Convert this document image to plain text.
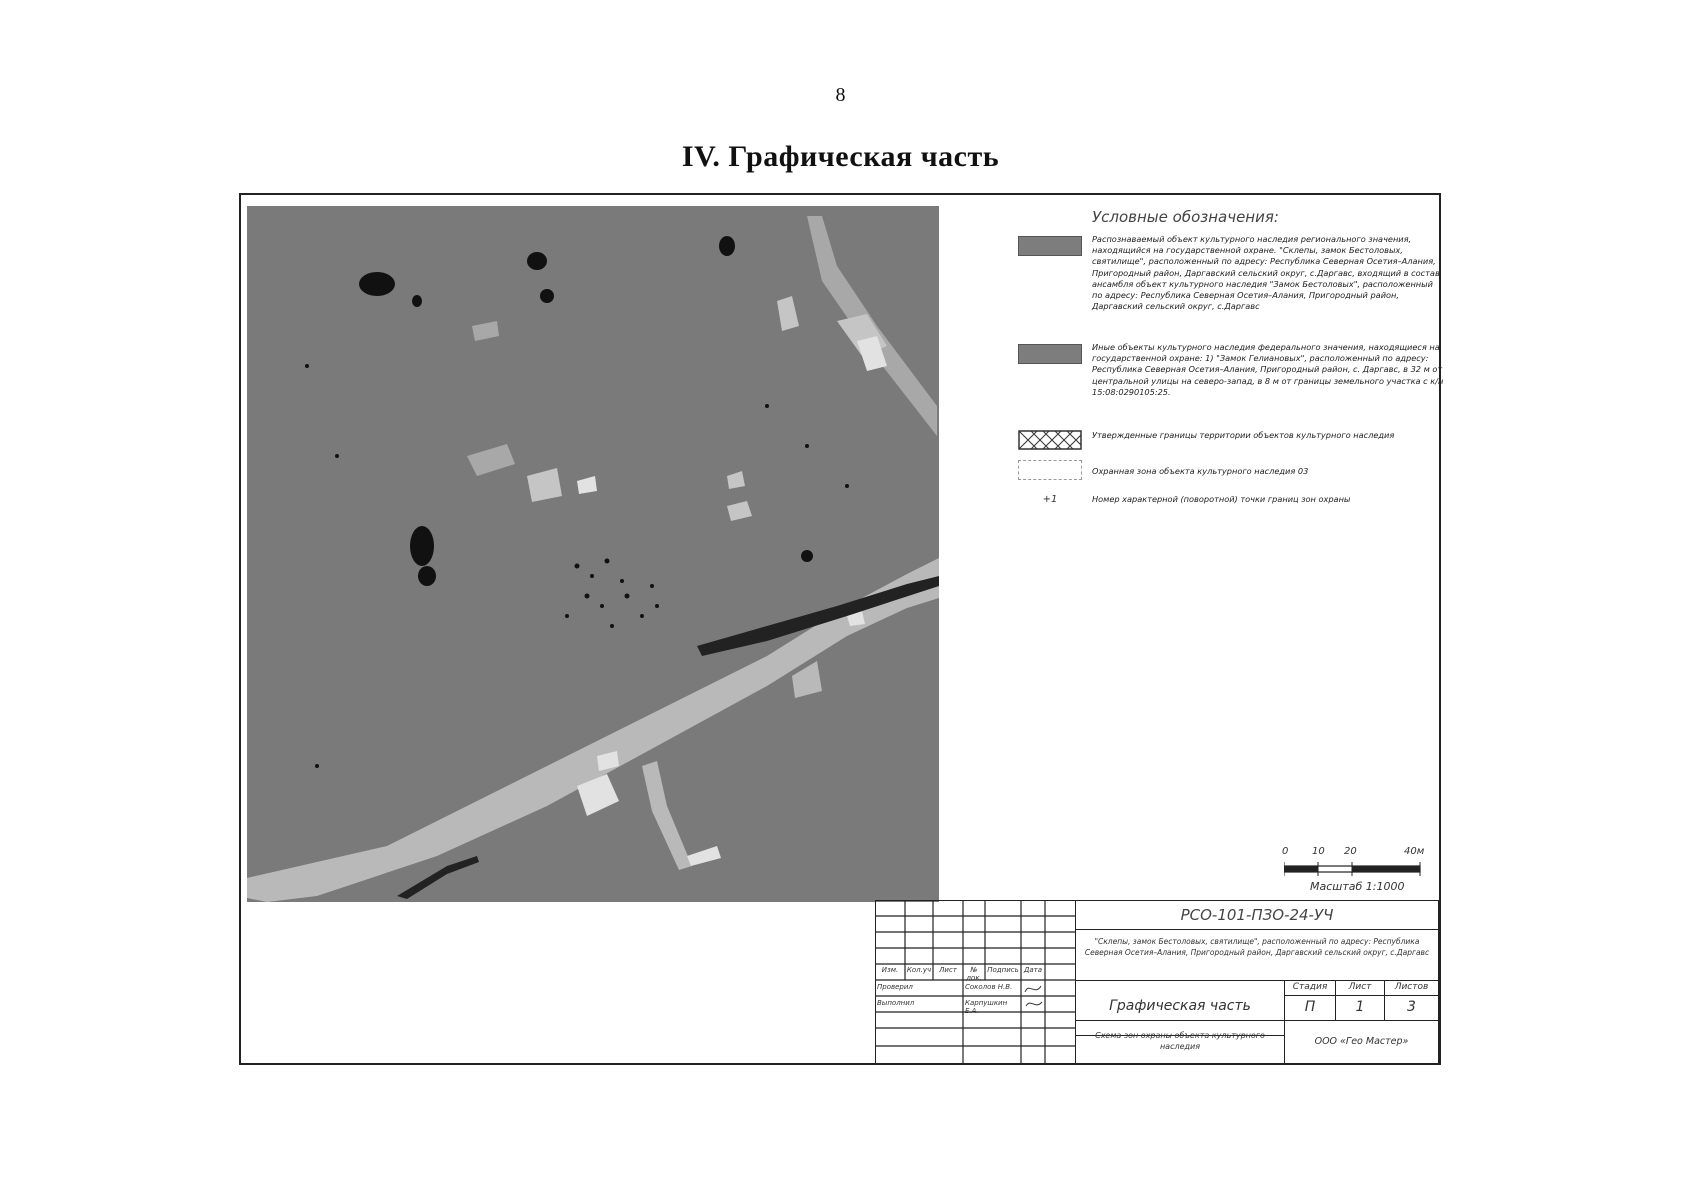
8
IV. Графическая часть
Условные обозначения:
Распознаваемый объект культурного наследия регионального значения, находящийся на государственной охране. "Склепы, замок Бестоловых, святилище", расположенный по адресу: Республика Северная Осетия–Алания, Пригородный район, Даргавский сельский округ, с.Даргавс, входящий в состав ансамбля объект культурного наследия "Замок Бестоловых", расположенный по адресу: Республика Северная Осетия–Алания, Пригородный район, Даргавский сельский округ, с.Даргавс
Иные объекты культурного наследия федерального значения, находящиеся на государственной охране: 1) "Замок Гелиановых", расположенный по адресу: Республика Северная Осетия–Алания, Пригородный район, с. Даргавс, в 32 м от центральной улицы на северо-запад, в 8 м от границы земельного участка с к/н 15:08:0290105:25.
Утвержденные границы территории объектов культурного наследия
Охранная зона объекта культурного наследия 03
+1	Номер характерной (поворотной) точки границ зон охраны
0 10 20	40м
Масштаб 1:1000
Изм.	Кол.уч	Лист	№ док.
Подпись Дата
Проверил	Соколов Н.В.
Выполнил	Карпушкин Е.А.
РСО-101-ПЗО-24-УЧ
"Склепы, замок Бестоловых, святилище", расположенный по адресу: Республика Северная Осетия–Алания, Пригородный район, Даргавский сельский округ, с.Даргавс
Графическая часть
Стадия	Лист	Листов
П	1	3
Схема зон охраны объекта культурного наследия	ООО «Гео Мастер»
